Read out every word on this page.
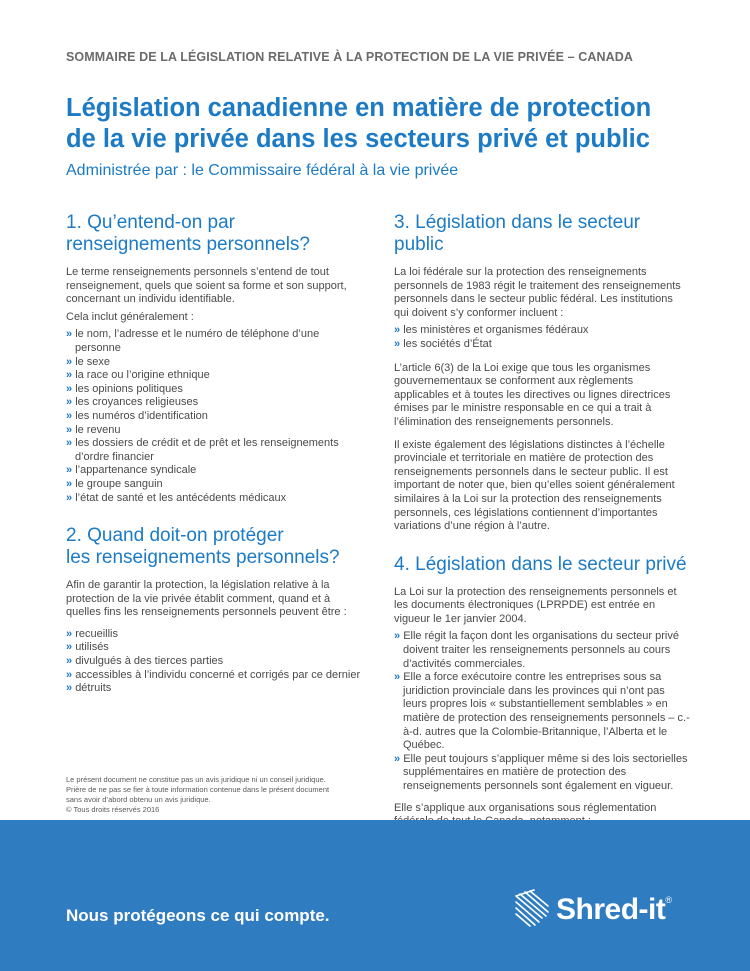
SOMMAIRE DE LA LÉGISLATION RELATIVE À LA PROTECTION DE LA VIE PRIVÉE – CANADA
Législation canadienne en matière de protection
de la vie privée dans les secteurs privé et public
Administrée par : le Commissaire fédéral à la vie privée
1. Qu’entend-on par
renseignements personnels?

Le terme renseignements personnels s’entend de tout renseignement, quels que soient sa forme et son support, concernant un individu identifiable.

Cela inclut généralement :

» le nom, l’adresse et le numéro de téléphone d’une personne
» le sexe
» la race ou l’origine ethnique
» les opinions politiques
» les croyances religieuses
» les numéros d’identification
» le revenu
» les dossiers de crédit et de prêt et les renseignements d’ordre financier
» l’appartenance syndicale
» le groupe sanguin
» l’état de santé et les antécédents médicaux
2. Quand doit-on protéger
les renseignements personnels?

Afin de garantir la protection, la législation relative à la protection de la vie privée établit comment, quand et à quelles fins les renseignements personnels peuvent être :

» recueillis
» utilisés
» divulgués à des tierces parties
» accessibles à l’individu concerné et corrigés par ce dernier
» détruits
3. Législation dans le secteur public

La loi fédérale sur la protection des renseignements personnels de 1983 régit le traitement des renseignements personnels dans le secteur public fédéral. Les institutions qui doivent s’y conformer incluent :

» les ministères et organismes fédéraux
» les sociétés d’État

L’article 6(3) de la Loi exige que tous les organismes gouvernementaux se conforment aux règlements applicables et à toutes les directives ou lignes directrices émises par le ministre responsable en ce qui a trait à l’élimination des renseignements personnels.

Il existe également des législations distinctes à l’échelle provinciale et territoriale en matière de protection des renseignements personnels dans le secteur public. Il est important de noter que, bien qu’elles soient généralement similaires à la Loi sur la protection des renseignements personnels, ces législations contiennent d’importantes variations d’une région à l’autre.

4. Législation dans le secteur privé

La Loi sur la protection des renseignements personnels et les documents électroniques (LPRPDE) est entrée en vigueur le 1er janvier 2004.

» Elle régit la façon dont les organisations du secteur privé doivent traiter les renseignements personnels au cours d’activités commerciales.
» Elle a force exécutoire contre les entreprises sous sa juridiction provinciale dans les provinces qui n’ont pas leurs propres lois « substantiellement semblables » en matière de protection des renseignements personnels – c.-à-d. autres que la Colombie-Britannique, l’Alberta et le Québec.
» Elle peut toujours s’appliquer même si des lois sectorielles supplémentaires en matière de protection des renseignements personnels sont également en vigueur.

Elle s’applique aux organisations sous réglementation

Le présent document ne constitue pas un avis juridique ni un conseil juridique. Prière de ne pas se fier à toute information contenue dans le présent document sans avoir d’abord obtenu un avis juridique.
© Tous droits réservés 2016
Nous protégeons ce qui compte.	Shred-it ®
